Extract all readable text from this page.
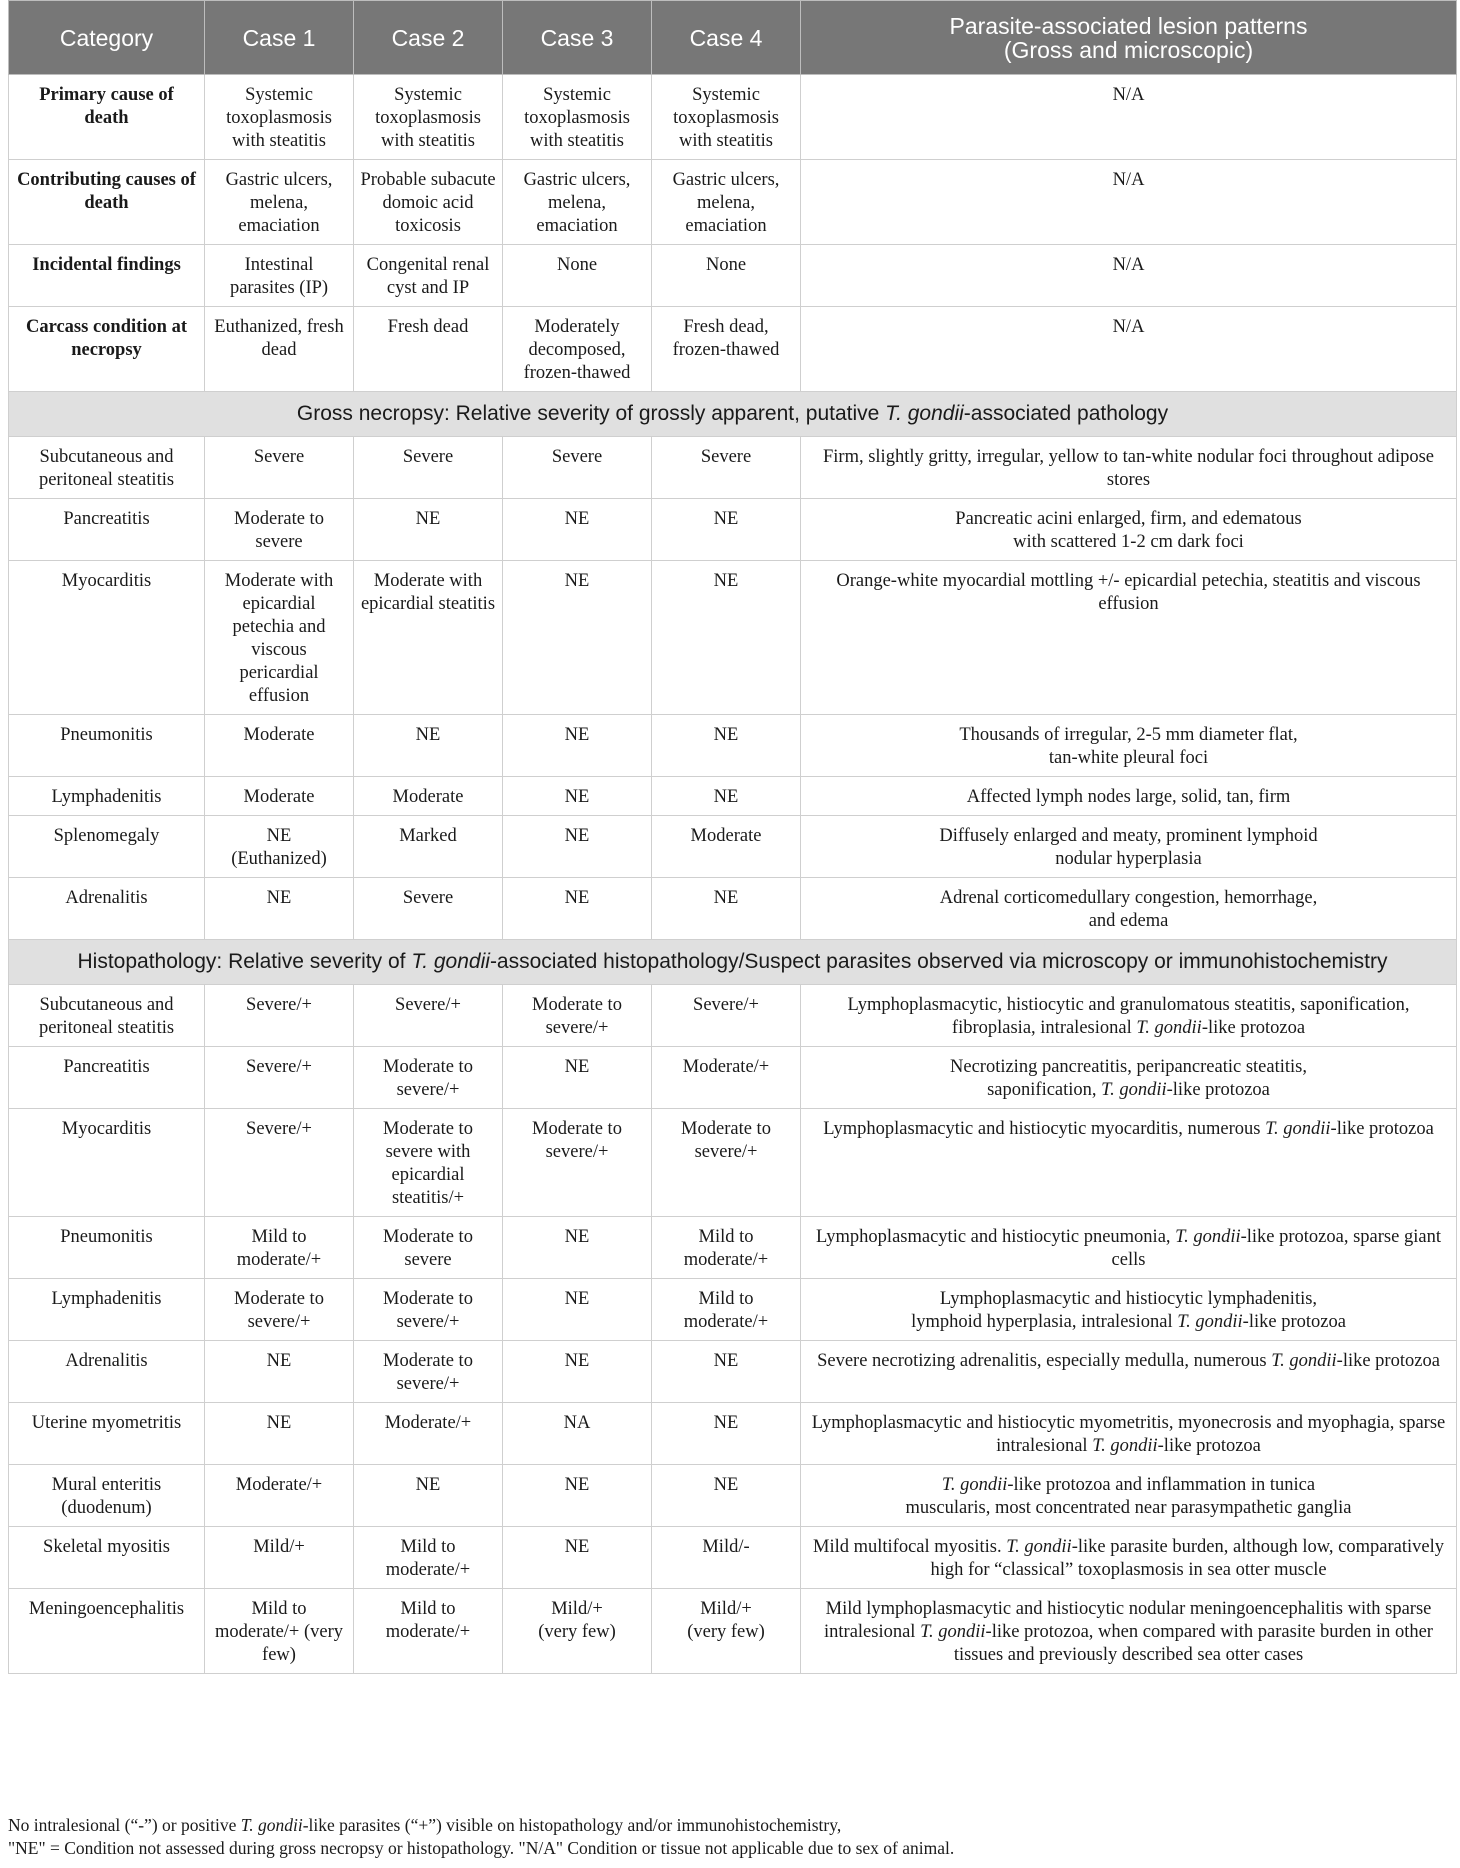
Category	Case 1	Case 2	Case 3	Case 4	Parasite-associated lesion patterns
(Gross and microscopic)
Primary cause of death	Systemic toxoplasmosis with steatitis	Systemic toxoplasmosis with steatitis	Systemic toxoplasmosis with steatitis	Systemic toxoplasmosis with steatitis	N/A
Contributing causes of death	Gastric ulcers, melena, emaciation	Probable subacute domoic acid toxicosis	Gastric ulcers, melena, emaciation	Gastric ulcers, melena, emaciation	N/A
Incidental findings	Intestinal parasites (IP)	Congenital renal cyst and IP	None	None	N/A
Carcass condition at necropsy	Euthanized, fresh dead	Fresh dead	Moderately decomposed, frozen-thawed	Fresh dead, frozen-thawed	N/A
Gross necropsy: Relative severity of grossly apparent, putative T. gondii-associated pathology					
Subcutaneous and peritoneal steatitis	Severe	Severe	Severe	Severe	Firm, slightly gritty, irregular, yellow to tan-white nodular foci throughout adipose stores
Pancreatitis	Moderate to severe	NE	NE	NE	Pancreatic acini enlarged, firm, and edematous
with scattered 1-2 cm dark foci
Myocarditis	Moderate with epicardial petechia and viscous pericardial effusion	Moderate with epicardial steatitis	NE	NE	Orange-white myocardial mottling +/- epicardial petechia, steatitis and viscous effusion
Pneumonitis	Moderate	NE	NE	NE	Thousands of irregular, 2-5 mm diameter flat,
tan-white pleural foci
Lymphadenitis	Moderate	Moderate	NE	NE	Affected lymph nodes large, solid, tan, firm
Splenomegaly	NE
(Euthanized)	Marked	NE	Moderate	Diffusely enlarged and meaty, prominent lymphoid
nodular hyperplasia
Adrenalitis	NE	Severe	NE	NE	Adrenal corticomedullary congestion, hemorrhage,
and edema
Histopathology: Relative severity of T. gondii-associated histopathology/Suspect parasites observed via microscopy or immunohistochemistry					
Subcutaneous and peritoneal steatitis	Severe/+	Severe/+	Moderate to severe/+	Severe/+	Lymphoplasmacytic, histiocytic and granulomatous steatitis, saponification, fibroplasia, intralesional T. gondii-like protozoa
Pancreatitis	Severe/+	Moderate to severe/+	NE	Moderate/+	Necrotizing pancreatitis, peripancreatic steatitis,
saponification, T. gondii-like protozoa
Myocarditis	Severe/+	Moderate to severe with epicardial steatitis/+	Moderate to severe/+	Moderate to severe/+	Lymphoplasmacytic and histiocytic myocarditis, numerous T. gondii-like protozoa
Pneumonitis	Mild to moderate/+	Moderate to severe	NE	Mild to moderate/+	Lymphoplasmacytic and histiocytic pneumonia, T. gondii-like protozoa, sparse giant cells
Lymphadenitis	Moderate to severe/+	Moderate to severe/+	NE	Mild to moderate/+	Lymphoplasmacytic and histiocytic lymphadenitis,
lymphoid hyperplasia, intralesional T. gondii-like protozoa
Adrenalitis	NE	Moderate to severe/+	NE	NE	Severe necrotizing adrenalitis, especially medulla, numerous T. gondii-like protozoa
Uterine myometritis	NE	Moderate/+	NA	NE	Lymphoplasmacytic and histiocytic myometritis, myonecrosis and myophagia, sparse intralesional T. gondii-like protozoa
Mural enteritis (duodenum)	Moderate/+	NE	NE	NE	T. gondii-like protozoa and inflammation in tunica
muscularis, most concentrated near parasympathetic ganglia
Skeletal myositis	Mild/+	Mild to moderate/+	NE	Mild/-	Mild multifocal myositis. T. gondii-like parasite burden, although low, comparatively high for “classical” toxoplasmosis in sea otter muscle
Meningoencephalitis	Mild to moderate/+ (very few)	Mild to moderate/+	Mild/+
(very few)	Mild/+
(very few)	Mild lymphoplasmacytic and histiocytic nodular meningoencephalitis with sparse intralesional T. gondii-like protozoa, when compared with parasite burden in other tissues and previously described sea otter cases

No intralesional (“-”) or positive T. gondii-like parasites (“+”) visible on histopathology and/or immunohistochemistry,

"NE" = Condition not assessed during gross necropsy or histopathology. "N/A" Condition or tissue not applicable due to sex of animal.
